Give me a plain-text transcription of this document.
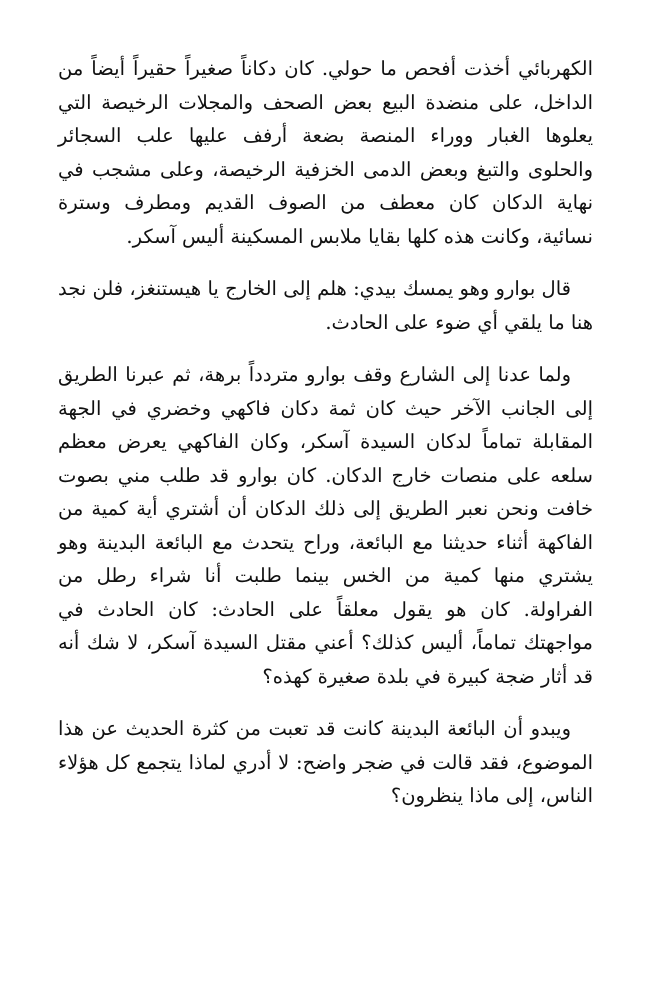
الكهربائي أخذت أفحص ما حولي. كان دكاناً صغيراً حقيراً أيضاً من الداخل، على منضدة البيع بعض الصحف والمجلات الرخيصة التي يعلوها الغبار ووراء المنصة بضعة أرفف عليها علب السجائر والحلوى والتبغ وبعض الدمى الخزفية الرخيصة، وعلى مشجب في نهاية الدكان كان معطف من الصوف القديم ومطرف وسترة نسائية، وكانت هذه كلها بقايا ملابس المسكينة أليس آسكر.

قال بوارو وهو يمسك بيدي: هلم إلى الخارج يا هيستنغز، فلن نجد هنا ما يلقي أي ضوء على الحادث.

ولما عدنا إلى الشارع وقف بوارو متردداً برهة، ثم عبرنا الطريق إلى الجانب الآخر حيث كان ثمة دكان فاكهي وخضري في الجهة المقابلة تماماً لدكان السيدة آسكر، وكان الفاكهي يعرض معظم سلعه على منصات خارج الدكان. كان بوارو قد طلب مني بصوت خافت ونحن نعبر الطريق إلى ذلك الدكان أن أشتري أية كمية من الفاكهة أثناء حديثنا مع البائعة، وراح يتحدث مع البائعة البدينة وهو يشتري منها كمية من الخس بينما طلبت أنا شراء رطل من الفراولة. كان هو يقول معلقاً على الحادث: كان الحادث في مواجهتك تماماً، أليس كذلك؟ أعني مقتل السيدة آسكر، لا شك أنه قد أثار ضجة كبيرة في بلدة صغيرة كهذه؟

ويبدو أن البائعة البدينة كانت قد تعبت من كثرة الحديث عن هذا الموضوع، فقد قالت في ضجر واضح: لا أدري لماذا يتجمع كل هؤلاء الناس، إلى ماذا ينظرون؟
